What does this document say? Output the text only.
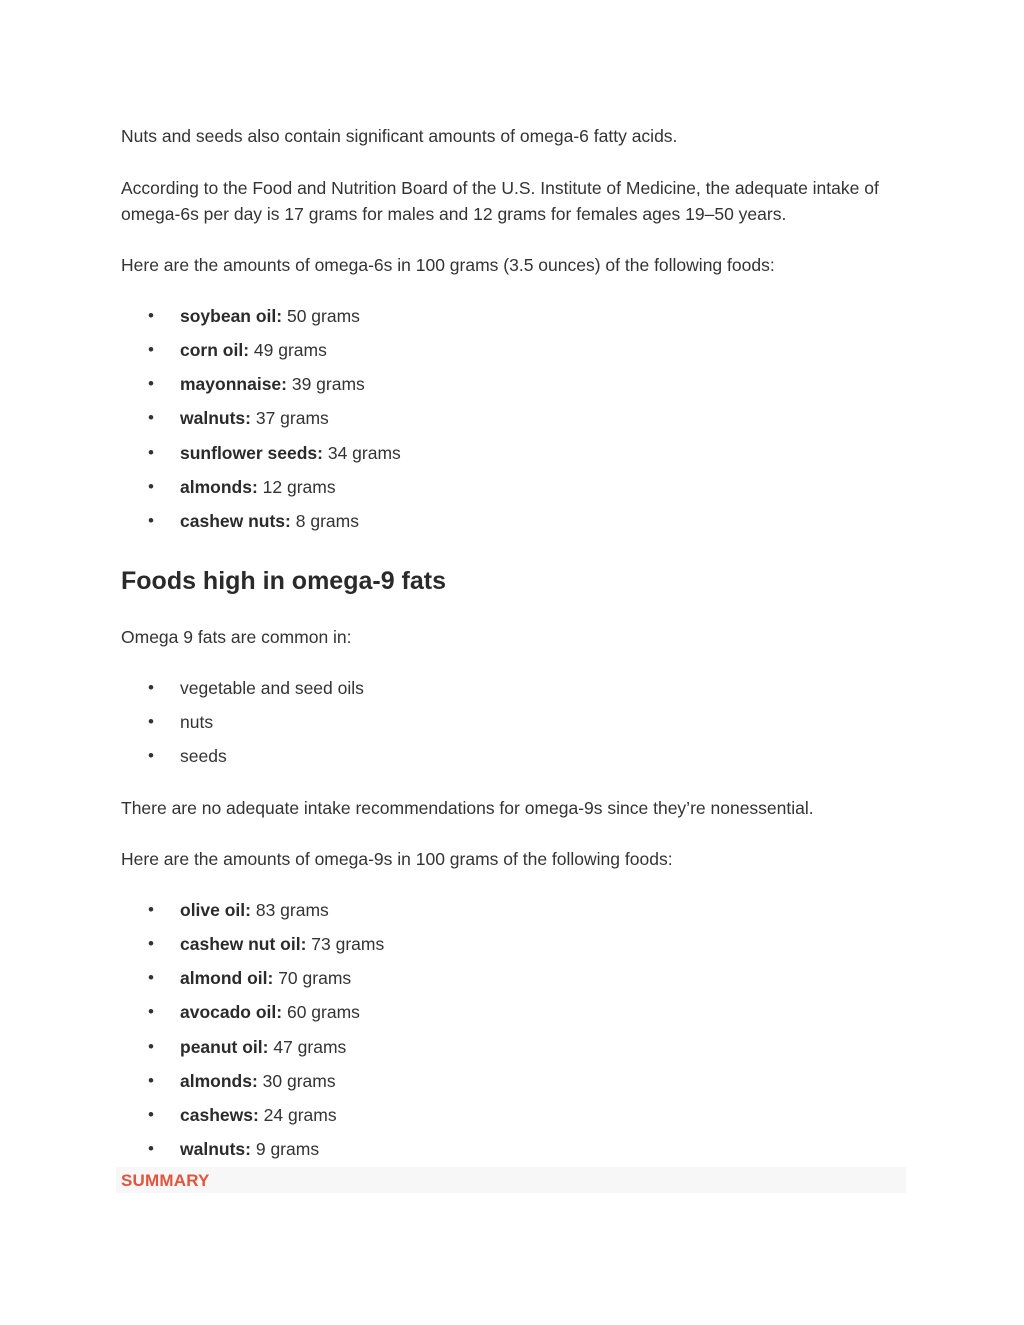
Nuts and seeds also contain significant amounts of omega-6 fatty acids.

According to the Food and Nutrition Board of the U.S. Institute of Medicine, the adequate intake of omega-6s per day is 17 grams for males and 12 grams for females ages 19–50 years.

Here are the amounts of omega-6s in 100 grams (3.5 ounces) of the following foods:

• soybean oil: 50 grams
• corn oil: 49 grams
• mayonnaise: 39 grams
• walnuts: 37 grams
• sunflower seeds: 34 grams
• almonds: 12 grams
• cashew nuts: 8 grams
Foods high in omega-9 fats

Omega 9 fats are common in:

• vegetable and seed oils
• nuts
• seeds

There are no adequate intake recommendations for omega-9s since they’re nonessential.

Here are the amounts of omega-9s in 100 grams of the following foods:

• olive oil: 83 grams
• cashew nut oil: 73 grams
• almond oil: 70 grams
• avocado oil: 60 grams
• peanut oil: 47 grams
• almonds: 30 grams
• cashews: 24 grams
• walnuts: 9 grams
SUMMARY
